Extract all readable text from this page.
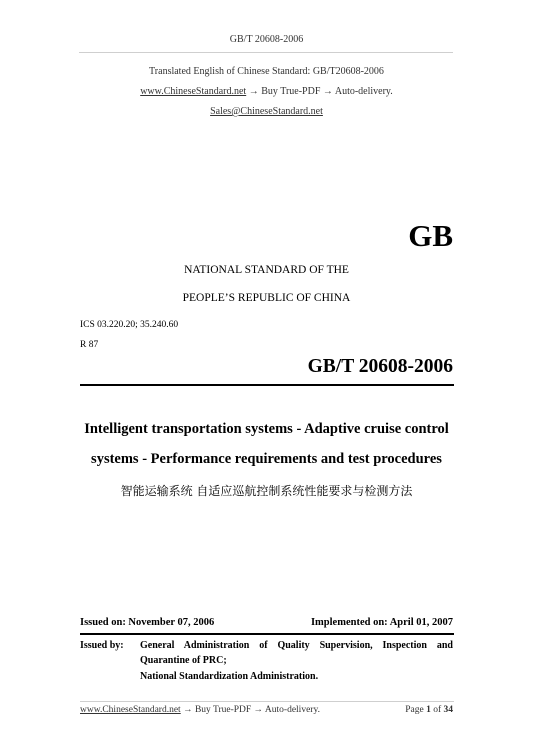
GB/T 20608-2006
Translated English of Chinese Standard: GB/T20608-2006
www.ChineseStandard.net → Buy True-PDF → Auto-delivery.
Sales@ChineseStandard.net
GB
NATIONAL STANDARD OF THE
PEOPLE’S REPUBLIC OF CHINA
ICS 03.220.20; 35.240.60
R 87
GB/T 20608-2006
Intelligent transportation systems - Adaptive cruise control
systems - Performance requirements and test procedures
智能运输系统 自适应巡航控制系统性能要求与检测方法
Issued on: November 07, 2006	Implemented on: April 01, 2007
Issued by: General Administration of Quality Supervision, Inspection and
Quarantine of PRC;
National Standardization Administration.
www.ChineseStandard.net → Buy True-PDF → Auto-delivery.	Page 1 of 34
